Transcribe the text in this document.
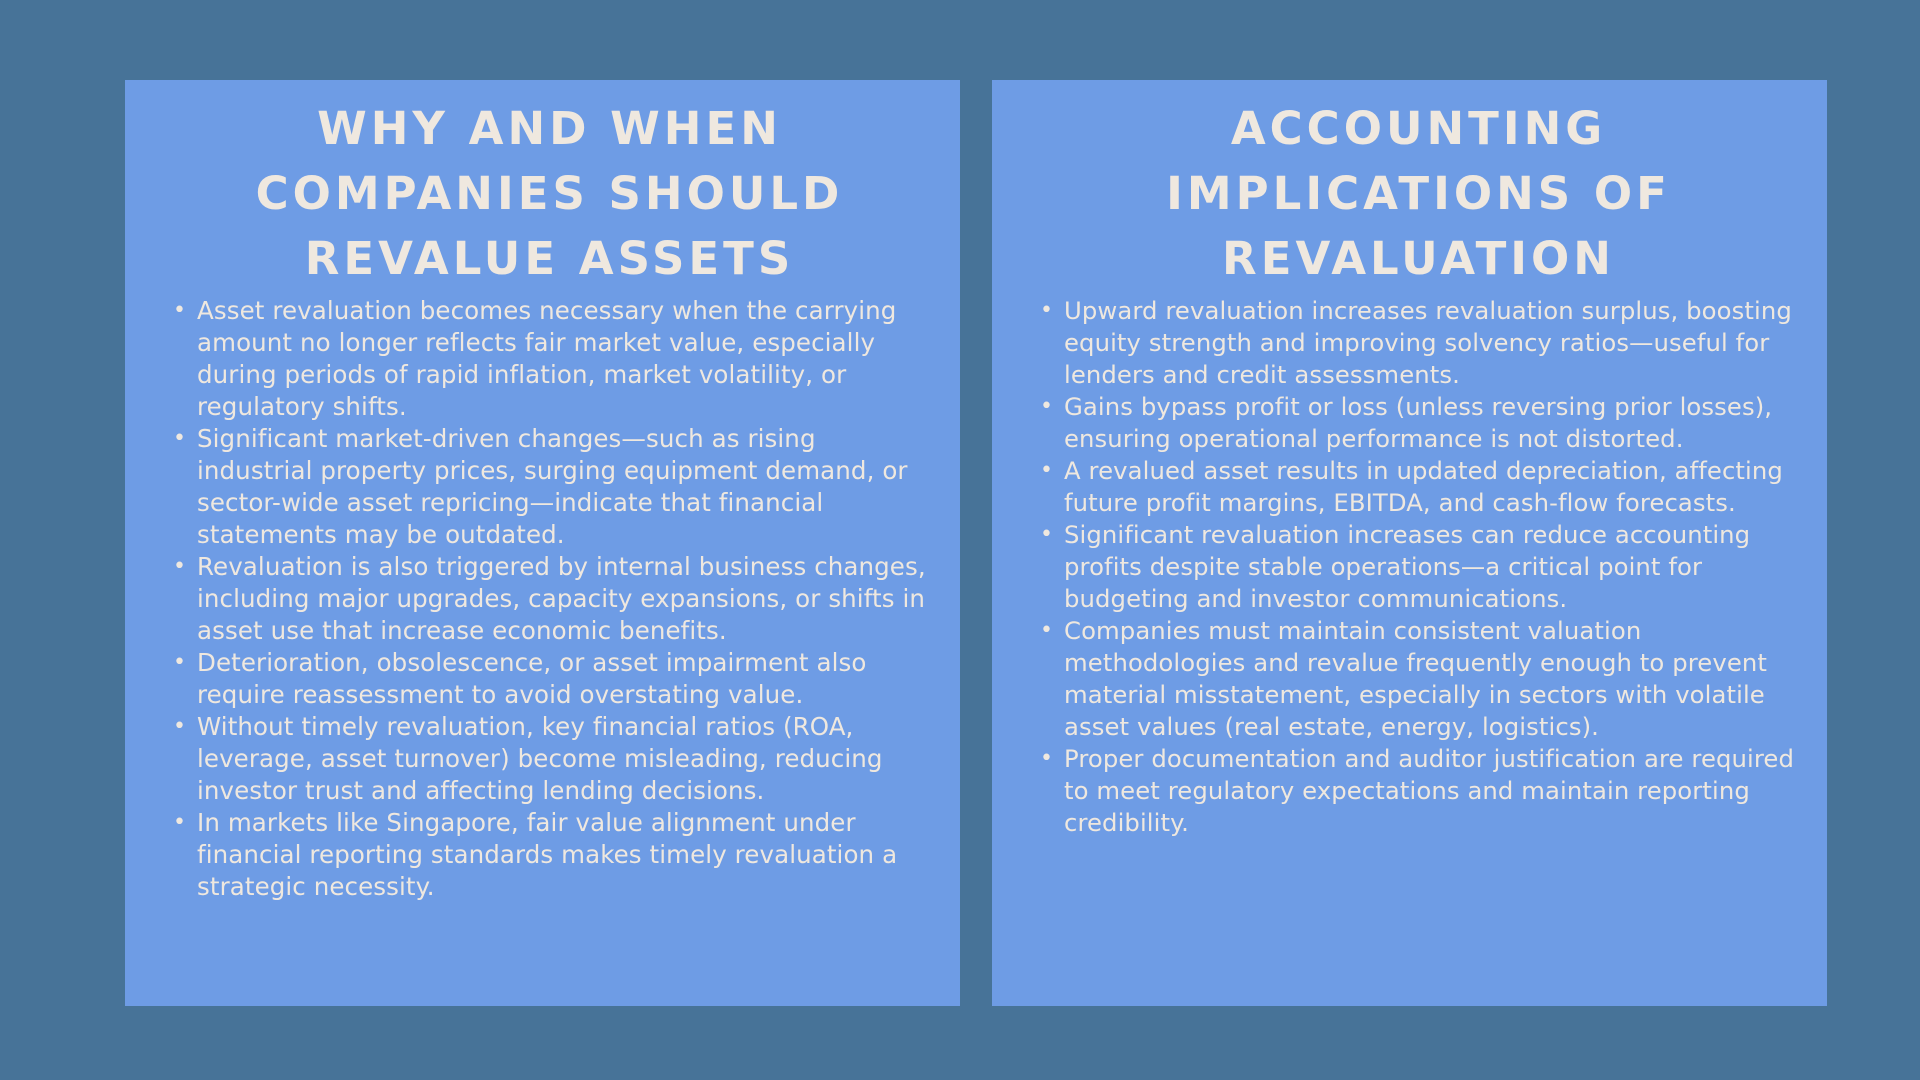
WHY AND WHEN COMPANIES SHOULD REVALUE ASSETS
• Asset revaluation becomes necessary when the carrying amount no longer reflects fair market value, especially during periods of rapid inflation, market volatility, or regulatory shifts.
• Significant market-driven changes—such as rising industrial property prices, surging equipment demand, or sector-wide asset repricing—indicate that financial statements may be outdated.
• Revaluation is also triggered by internal business changes, including major upgrades, capacity expansions, or shifts in asset use that increase economic benefits.
• Deterioration, obsolescence, or asset impairment also require reassessment to avoid overstating value.
• Without timely revaluation, key financial ratios (ROA, leverage, asset turnover) become misleading, reducing investor trust and affecting lending decisions.
• In markets like Singapore, fair value alignment under financial reporting standards makes timely revaluation a strategic necessity.
ACCOUNTING IMPLICATIONS OF REVALUATION
• Upward revaluation increases revaluation surplus, boosting equity strength and improving solvency ratios—useful for lenders and credit assessments.
• Gains bypass profit or loss (unless reversing prior losses), ensuring operational performance is not distorted.
• A revalued asset results in updated depreciation, affecting future profit margins, EBITDA, and cash-flow forecasts.
• Significant revaluation increases can reduce accounting profits despite stable operations—a critical point for budgeting and investor communications.
• Companies must maintain consistent valuation methodologies and revalue frequently enough to prevent material misstatement, especially in sectors with volatile asset values (real estate, energy, logistics).
• Proper documentation and auditor justification are required to meet regulatory expectations and maintain reporting credibility.
